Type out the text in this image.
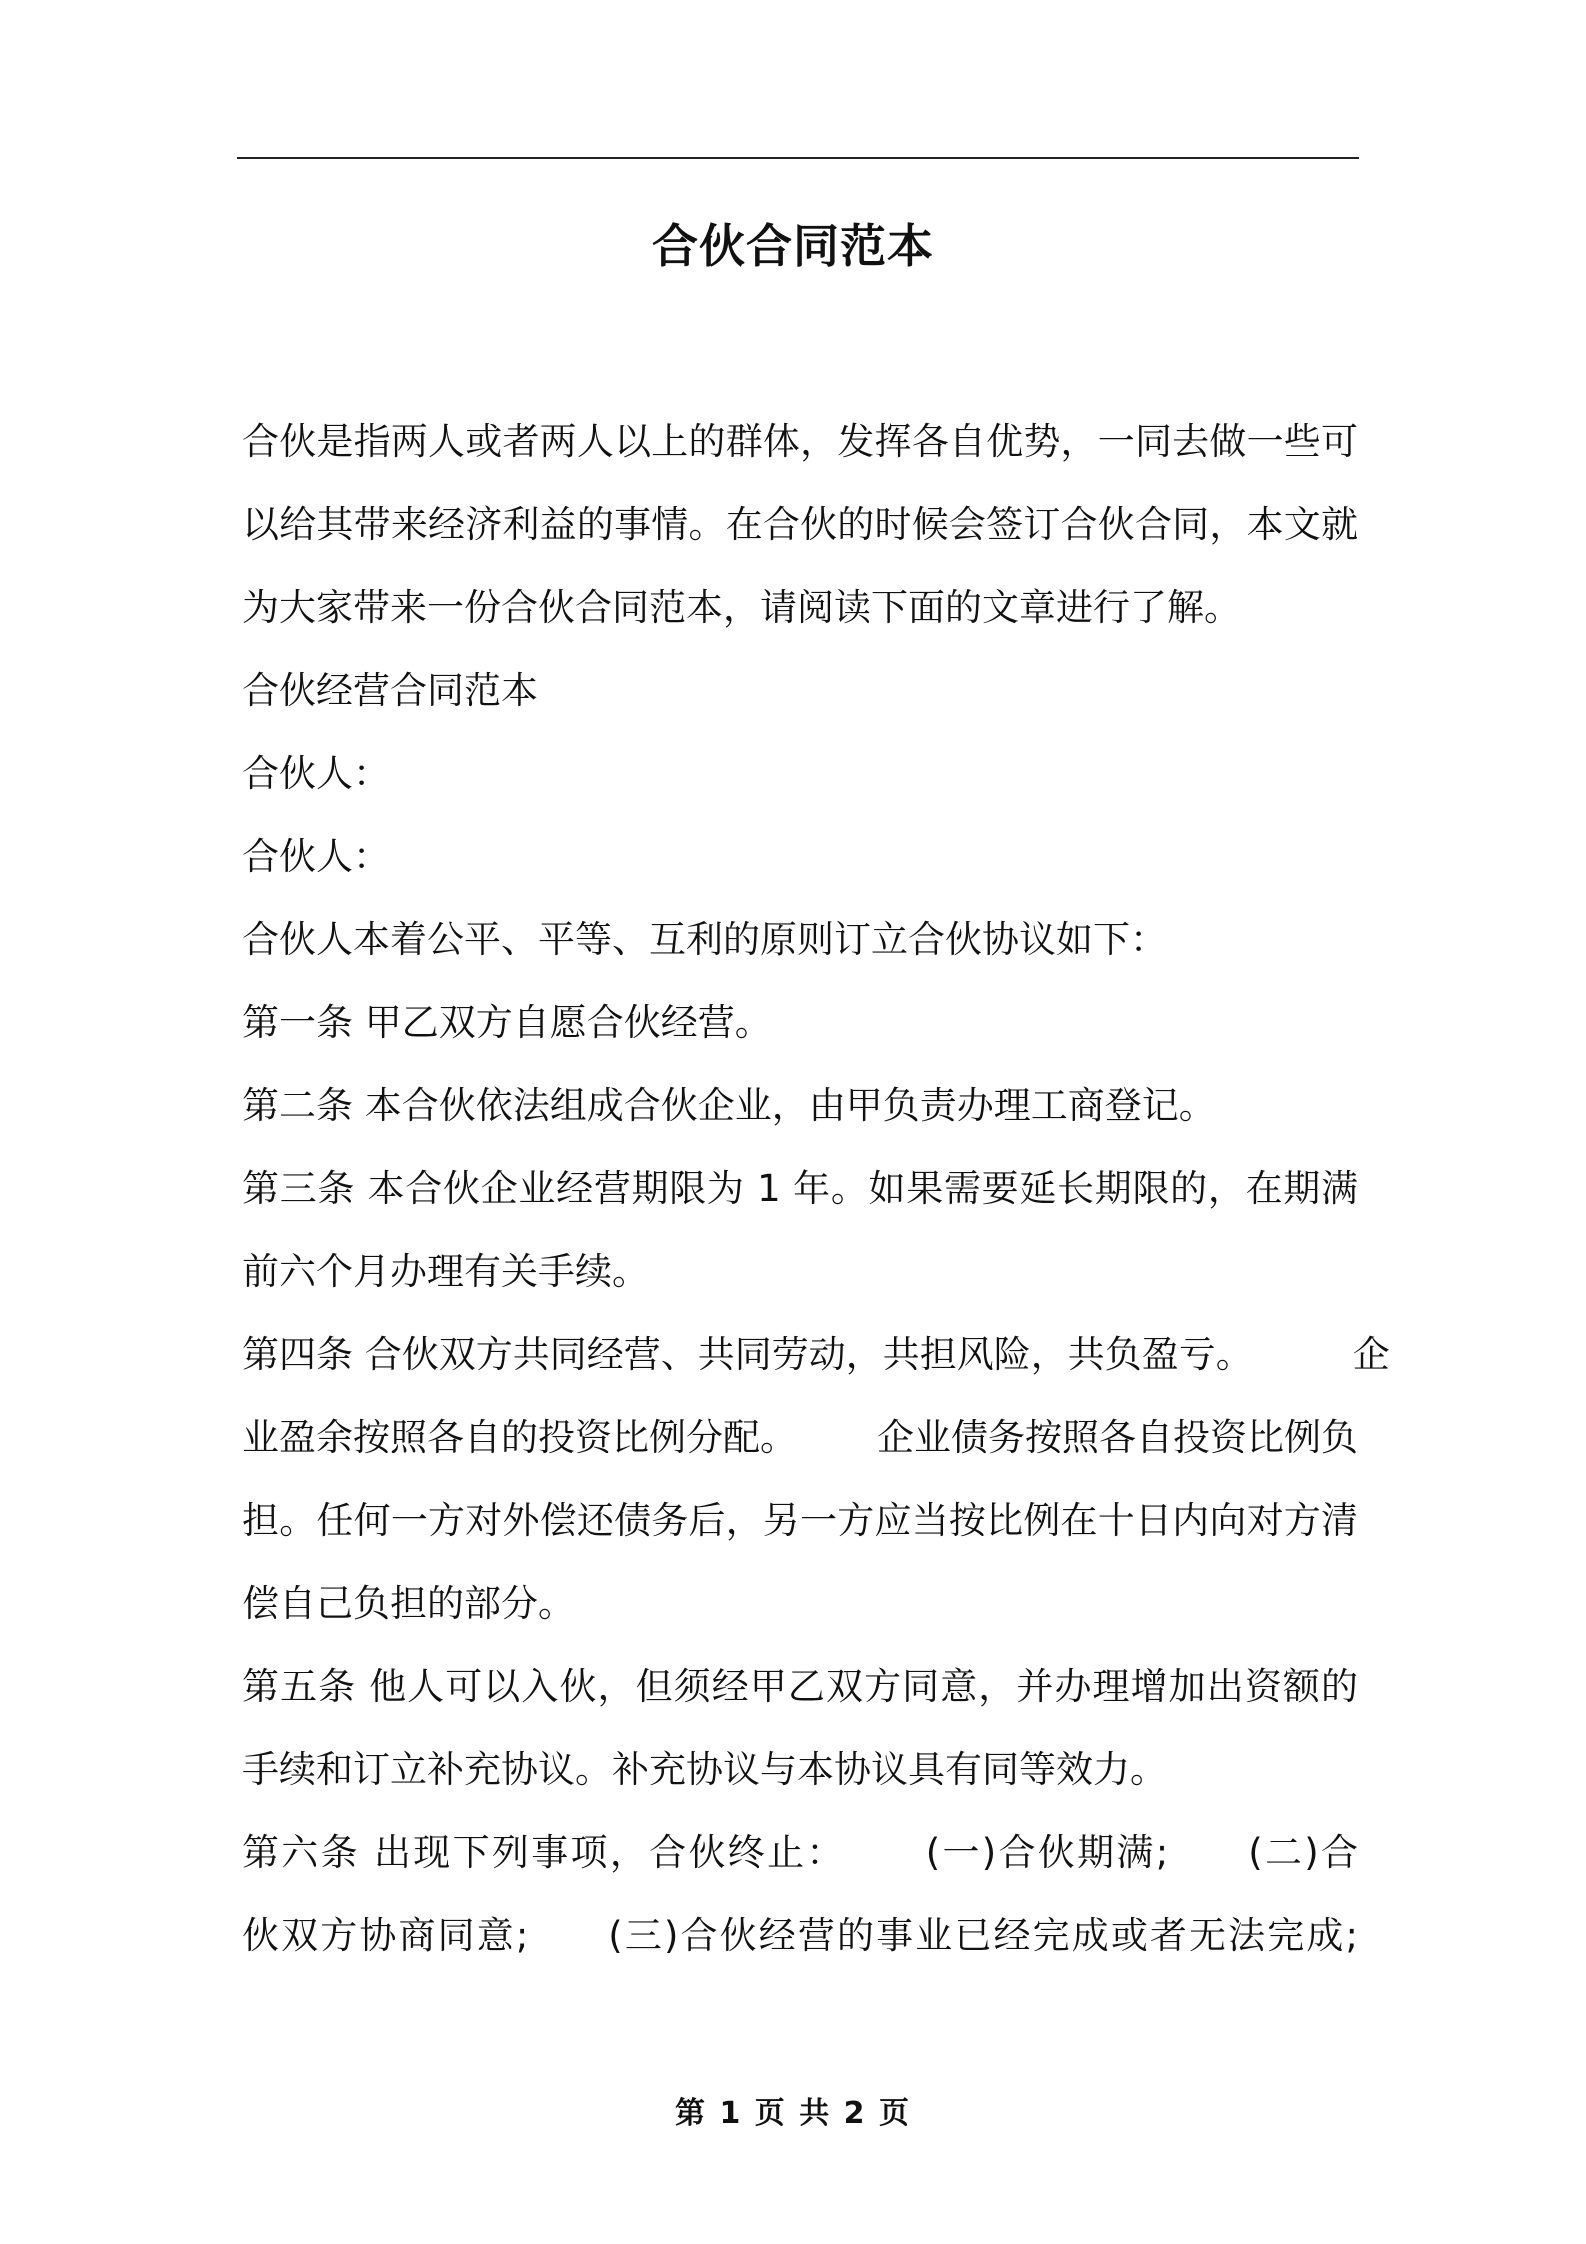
合伙合同范本
合伙是指两人或者两人以上的群体，发挥各自优势，一同去做一些可
以给其带来经济利益的事情。在合伙的时候会签订合伙合同，本文就
为大家带来一份合伙合同范本，请阅读下面的文章进行了解。
合伙经营合同范本
合伙人：
合伙人：
合伙人本着公平、平等、互利的原则订立合伙协议如下：
第一条 甲乙双方自愿合伙经营。
第二条 本合伙依法组成合伙企业，由甲负责办理工商登记。
第三条 本合伙企业经营期限为 1 年。如果需要延长期限的，在期满
前六个月办理有关手续。
第四条 合伙双方共同经营、共同劳动，共担风险，共负盈亏。	企
业盈余按照各自的投资比例分配。 企业债务按照各自投资比例负
担。任何一方对外偿还债务后，另一方应当按比例在十日内向对方清
偿自己负担的部分。
第五条 他人可以入伙，但须经甲乙双方同意，并办理增加出资额的
手续和订立补充协议。补充协议与本协议具有同等效力。
第六条 出现下列事项，合伙终止： (一)合伙期满; (二)合
伙双方协商同意; (三)合伙经营的事业已经完成或者无法完成;
第 1 页 共 2 页
